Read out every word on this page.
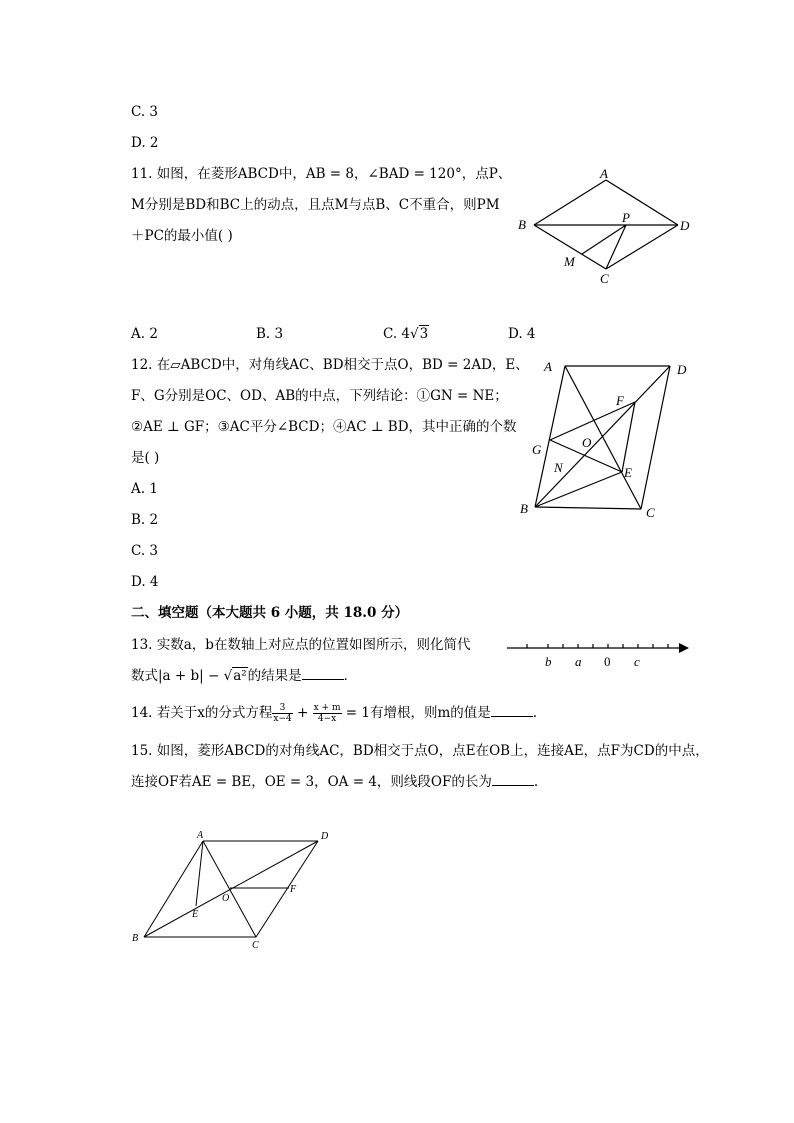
C. 3
D. 2
11. 如图，在菱形ABCD中，AB = 8，∠BAD = 120°，点P、
M分别是BD和BC上的动点，且点M与点B、C不重合，则PM
＋PC的最小值( )
A
B
C
D
P
M
A. 2	B. 3	C. 4√3	D. 4
12. 在▱ABCD中，对角线AC、BD相交于点O，BD = 2AD，E、
F、G分别是OC、OD、AB的中点，下列结论：①GN = NE；
②AE ⊥ GF；③AC平分∠BCD；④AC ⊥ BD，其中正确的个数
是( )
A
B	C
D
E
F
G
N
O
A. 1
B. 2
C. 3
D. 4
二、填空题（本大题共 6 小题，共 18.0 分）
13. 实数a，b在数轴上对应点的位置如图所示，则化简代
数式|a + b| − √a²的结果是	．
b a 0 c
14. 若关于x的分式方程 $\frac{3}{x-4} + \frac{x + m}{4-x} = 1$有增根，则m的值是	.
15. 如图，菱形ABCD的对角线AC，BD相交于点O，点E在OB上，连接AE，点F为CD的中点，
连接OF若AE = BE，OE = 3，OA = 4，则线段OF的长为	.
A
B
C
D
E
F
O
